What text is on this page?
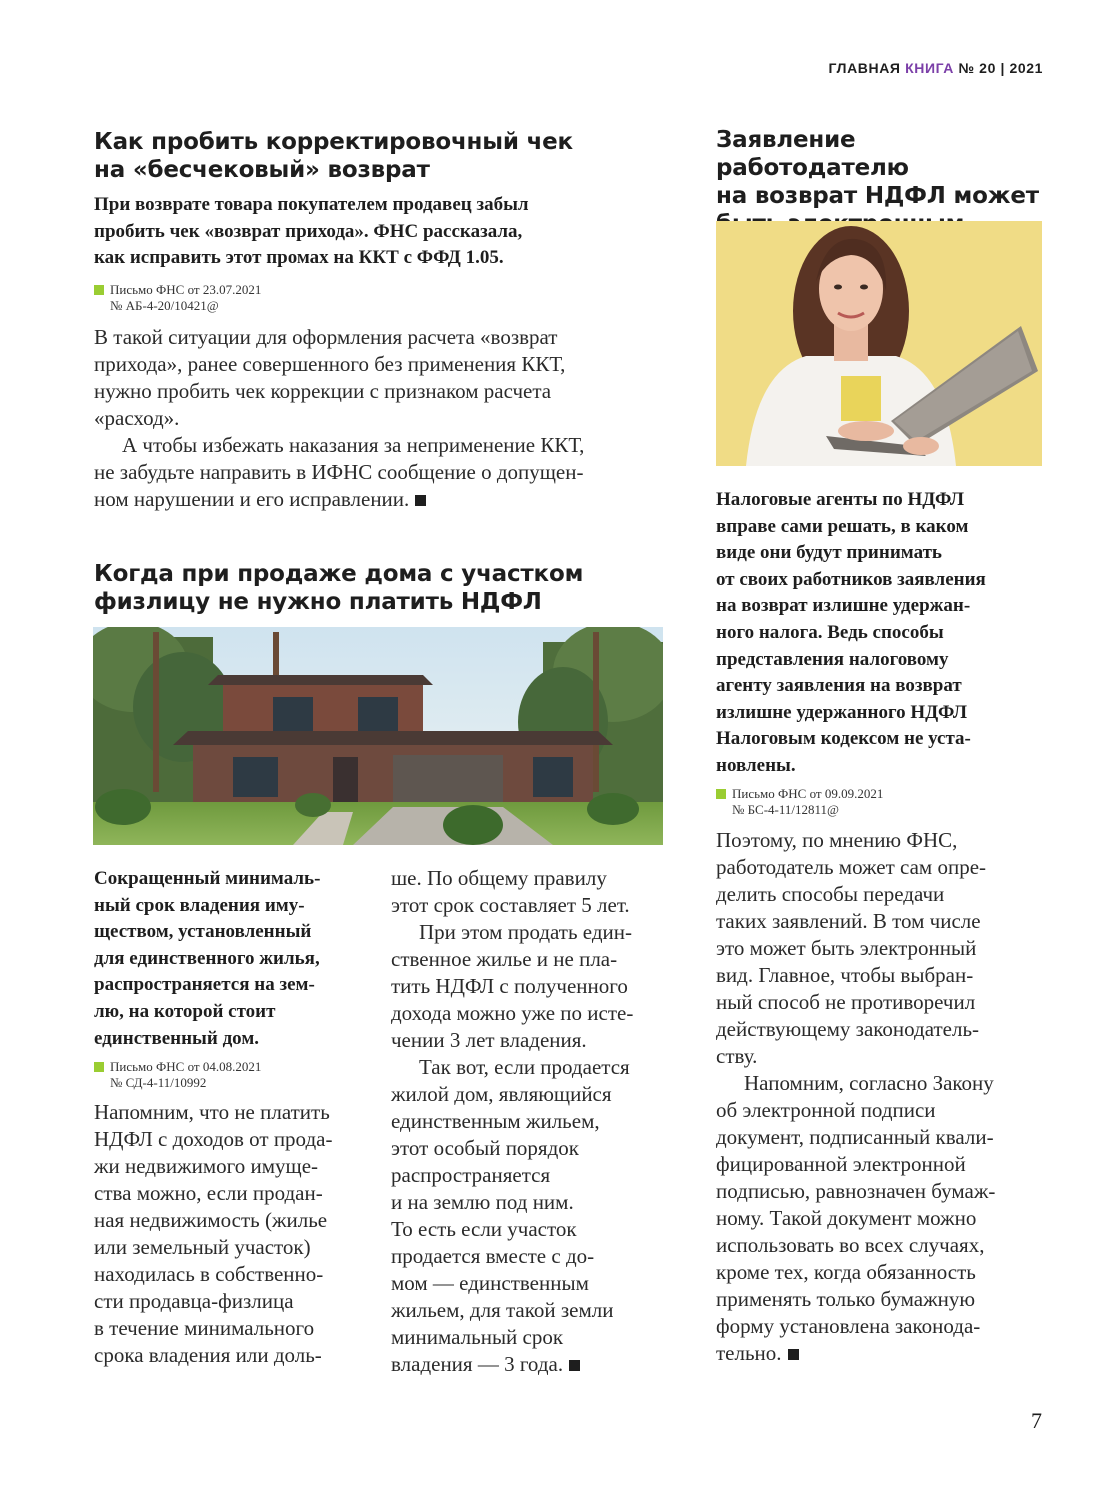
ГЛАВНАЯ КНИГА № 20 | 2021
Как пробить корректировочный чек
на «бесчековый» возврат
При возврате товара покупателем продавец забыл
пробить чек «возврат прихода». ФНС рассказала,
как исправить этот промах на ККТ с ФФД 1.05.
Письмо ФНС от 23.07.2021
№ АБ-4-20/10421@

В такой ситуации для оформления расчета «возврат

прихода», ранее совершенного без применения ККТ,

нужно пробить чек коррекции с признаком расчета

«расход».

А чтобы избежать наказания за неприменение ККТ,

не забудьте направить в ИФНС сообщение о допущен-

ном нарушении и его исправлении.

Когда при продаже дома с участком
физлицу не нужно платить НДФЛ
Сокращенный минималь-
ный срок владения иму-
ществом, установленный
для единственного жилья,
распространяется на зем-
лю, на которой стоит
единственный дом.
Письмо ФНС от 04.08.2021
№ СД-4-11/10992

Напомним, что не платить

НДФЛ с доходов от прода-

жи недвижимого имуще-

ства можно, если продан-

ная недвижимость (жилье

или земельный участок)

находилась в собственно-

сти продавца-физлица

в течение минимального

срока владения или доль-

ше. По общему правилу

этот срок составляет 5 лет.

При этом продать един-

ственное жилье и не пла-

тить НДФЛ с полученного

дохода можно уже по исте-

чении 3 лет владения.

Так вот, если продается

жилой дом, являющийся

единственным жильем,

этот особый порядок

распространяется

и на землю под ним.

То есть если участок

продается вместе с до-

мом — единственным

жильем, для такой земли

минимальный срок

владения — 3 года.

Заявление работодателю
на возврат НДФЛ может
Налоговые агенты по НДФЛ
вправе сами решать, в каком
виде они будут принимать
от своих работников заявления
на возврат излишне удержан-
ного налога. Ведь способы
представления налоговому
агенту заявления на возврат
излишне удержанного НДФЛ
Налоговым кодексом не уста-
новлены.
Письмо ФНС от 09.09.2021
№ БС-4-11/12811@

Поэтому, по мнению ФНС,

работодатель может сам опре-

делить способы передачи

таких заявлений. В том числе

это может быть электронный

вид. Главное, чтобы выбран-

ный способ не противоречил

действующему законодатель-

ству.

Напомним, согласно Закону

об электронной подписи

документ, подписанный квали-

фицированной электронной

подписью, равнозначен бумаж-

ному. Такой документ можно

использовать во всех случаях,

кроме тех, когда обязанность

применять только бумажную

форму установлена законода-

тельно.

7
